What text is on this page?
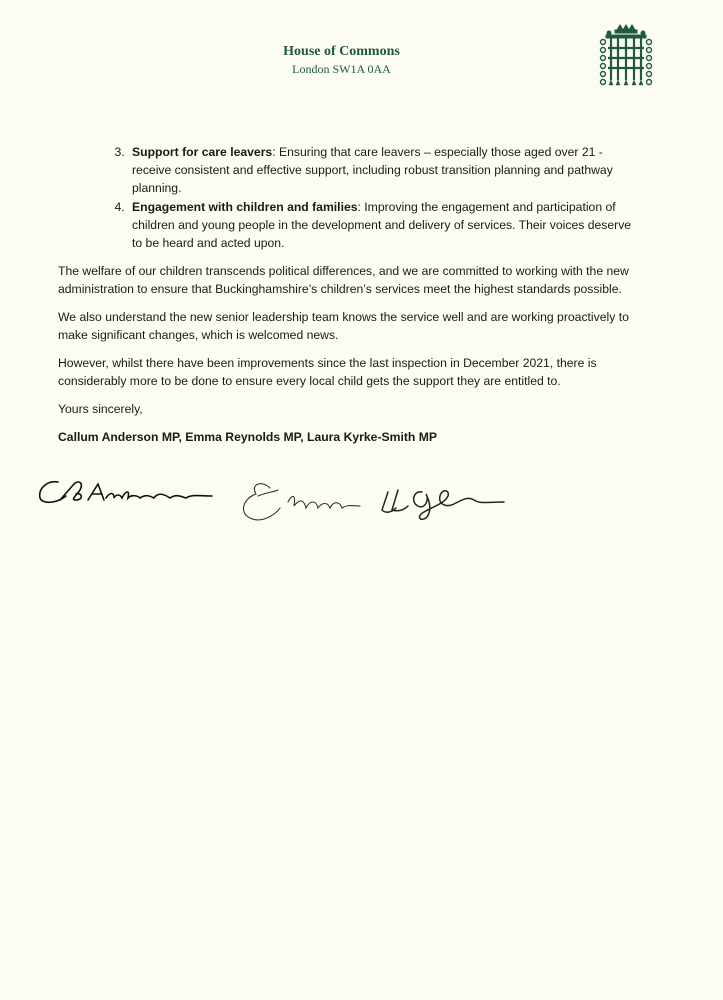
House of Commons
London SW1A 0AA
3. Support for care leavers: Ensuring that care leavers – especially those aged over 21 - receive consistent and effective support, including robust transition planning and pathway planning.
4. Engagement with children and families: Improving the engagement and participation of children and young people in the development and delivery of services. Their voices deserve to be heard and acted upon.

The welfare of our children transcends political differences, and we are committed to working with the new administration to ensure that Buckinghamshire’s children’s services meet the highest standards possible.

We also understand the new senior leadership team knows the service well and are working proactively to make significant changes, which is welcomed news.

However, whilst there have been improvements since the last inspection in December 2021, there is considerably more to be done to ensure every local child gets the support they are entitled to.

Yours sincerely,

Callum Anderson MP, Emma Reynolds MP, Laura Kyrke-Smith MP
